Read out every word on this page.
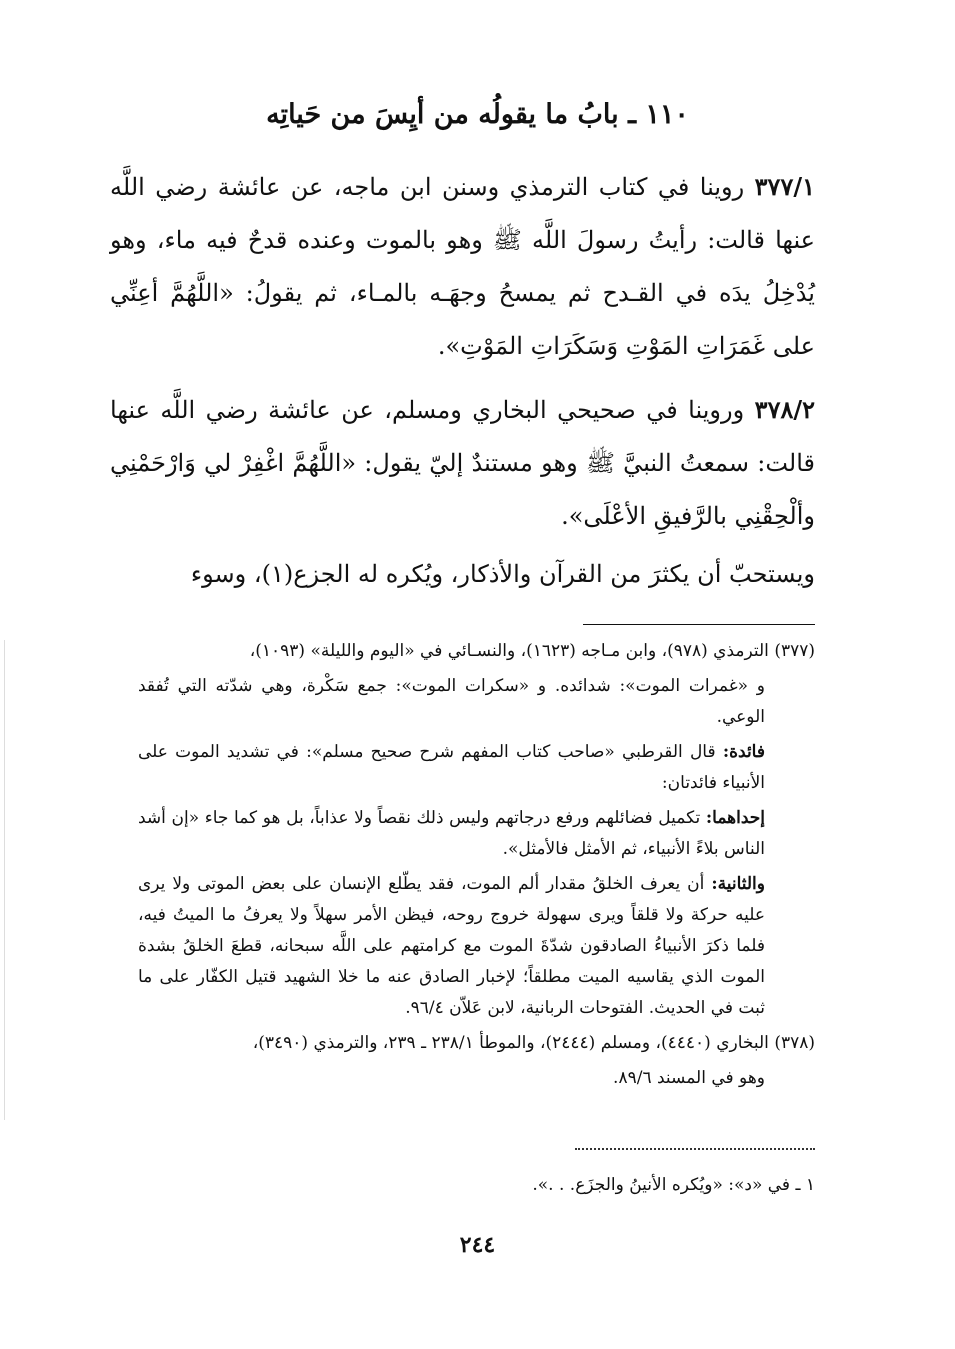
١١٠ ـ بابُ ما يقولُه من أيِسَ من حَياتِه

٣٧٧/١ روينا في كتاب الترمذي وسنن ابن ماجه، عن عائشة رضي اللَّه عنها قالت: رأيتُ رسولَ اللَّه ﷺ وهو بالموت وعنده قدحٌ فيه ماء، وهو يُدْخِلُ يدَه في القـدح ثم يمسحُ وجهَـه بالمـاء، ثم يقولُ: «اللَّهُمَّ أعِنِّي على غَمَرَاتِ المَوْتِ وَسَكَرَاتِ المَوْتِ».

٣٧٨/٢ وروينا في صحيحي البخاري ومسلم، عن عائشة رضي اللَّه عنها قالت: سمعتُ النبيَّ ﷺ وهو مستندٌ إليّ يقول: «اللَّهُمَّ اغْفِرْ لي وَارْحَمْنِي وألْحِقْنِي بالرَّفيقِ الأعْلَى».

ويستحبّ أن يكثرَ من القرآن والأذكار، ويُكره له الجزع(١)، وسوء

(٣٧٧) الترمذي (٩٧٨)، وابن مـاجه (١٦٢٣)، والنسـائي في «اليوم والليلة» (١٠٩٣)،

و «غمرات الموت»: شدائده. و «سكرات الموت»: جمع سَكْرة، وهي شدّته التي تُفقد الوعي.

فائدة: قال القرطبي «صاحب كتاب المفهم شرح صحيح مسلم»: في تشديد الموت على الأنبياء فائدتان:

إحداهما: تكميل فضائلهم ورفع درجاتهم وليس ذلك نقصاً ولا عذاباً، بل هو كما جاء «إن أشد الناس بلاءً الأنبياء، ثم الأمثل فالأمثل».

والثانية: أن يعرف الخلقُ مقدار ألم الموت، فقد يطّلع الإنسان على بعض الموتى ولا يرى عليه حركة ولا قلقاً ويرى سهولة خروج روحه، فيظن الأمر سهلاً ولا يعرفُ ما الميتُ فيه، فلما ذكرَ الأنبياءُ الصادقون شدّةَ الموت مع كرامتهم على اللَّه سبحانه، قطعَ الخلقُ بشدة الموت الذي يقاسيه الميت مطلقاً؛ لإخبار الصادق عنه ما خلا الشهيد قتيل الكفّار على ما ثبت في الحديث. الفتوحات الربانية، لابن عَلاّن ٩٦/٤.

(٣٧٨) البخاري (٤٤٤٠)، ومسلم (٢٤٤٤)، والموطأ ٢٣٨/١ ـ ٢٣٩، والترمذي (٣٤٩٠)،

وهو في المسند ٨٩/٦.

١ ـ في «د»: «ويُكره الأنينُ والجزَع. . .».
٢٤٤
